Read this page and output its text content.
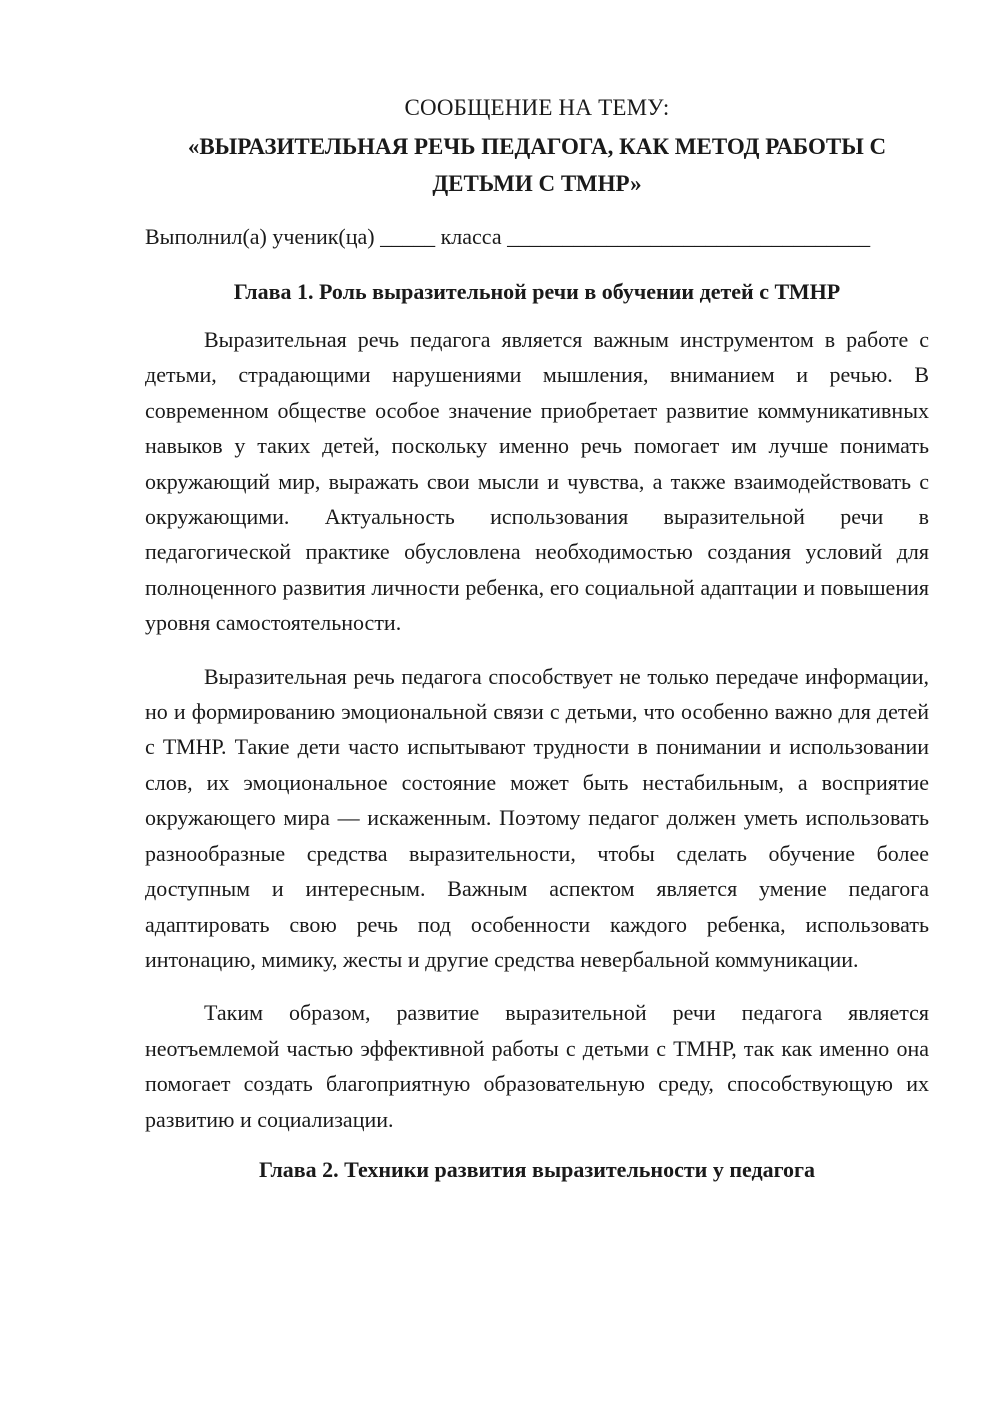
СООБЩЕНИЕ НА ТЕМУ:

«ВЫРАЗИТЕЛЬНАЯ РЕЧЬ ПЕДАГОГА, КАК МЕТОД РАБОТЫ С ДЕТЬМИ С ТМНР»

Выполнил(а) ученик(ца) _____ класса _________________________________

Глава 1. Роль выразительной речи в обучении детей с ТМНР

Выразительная речь педагога является важным инструментом в работе с детьми, страдающими нарушениями мышления, вниманием и речью. В современном обществе особое значение приобретает развитие коммуникативных навыков у таких детей, поскольку именно речь помогает им лучше понимать окружающий мир, выражать свои мысли и чувства, а также взаимодействовать с окружающими. Актуальность использования выразительной речи в педагогической практике обусловлена необходимостью создания условий для полноценного развития личности ребенка, его социальной адаптации и повышения уровня самостоятельности.

Выразительная речь педагога способствует не только передаче информации, но и формированию эмоциональной связи с детьми, что особенно важно для детей с ТМНР. Такие дети часто испытывают трудности в понимании и использовании слов, их эмоциональное состояние может быть нестабильным, а восприятие окружающего мира — искаженным. Поэтому педагог должен уметь использовать разнообразные средства выразительности, чтобы сделать обучение более доступным и интересным. Важным аспектом является умение педагога адаптировать свою речь под особенности каждого ребенка, использовать интонацию, мимику, жесты и другие средства невербальной коммуникации.

Таким образом, развитие выразительной речи педагога является неотъемлемой частью эффективной работы с детьми с ТМНР, так как именно она помогает создать благоприятную образовательную среду, способствующую их развитию и социализации.

Глава 2. Техники развития выразительности у педагога
